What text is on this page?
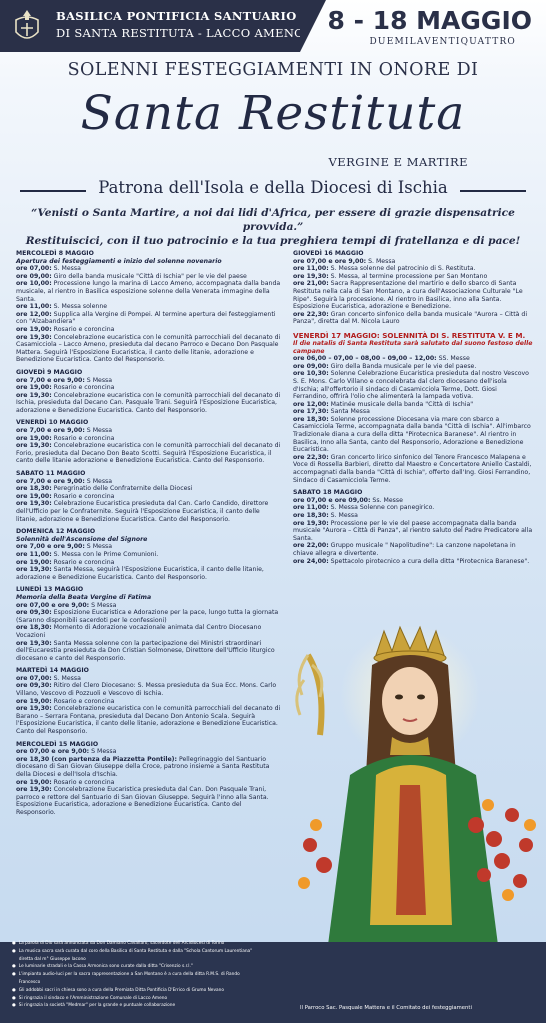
BASILICA PONTIFICIA SANTUARIO
DI SANTA RESTITUTA - LACCO AMENO 8 - 18 MAGGIO
DUEMILAVENTIQUATTRO
SOLENNI FESTEGGIAMENTI IN ONORE DI
Santa Restituta
VERGINE E MARTIRE
Patrona dell'Isola e della Diocesi di Ischia
“Venisti o Santa Martire, a noi dai lidi d'Africa, per essere di grazie dispensatrice provvida.”
Restituiscici, con il tuo patrocinio e la tua preghiera tempi di fratellanza e di pace!
MERCOLEDÌ 8 MAGGIO
Apertura dei festeggiamenti e inizio del solenne novenario
ore 07,00: S. Messa
ore 09,00: Giro della banda musicale "Città di Ischia" per le vie del paese
ore 10,00: Processione lungo la marina di Lacco Ameno, accompagnata dalla banda musicale, al rientro in Basilica esposizione solenne della Venerata immagine della Santa.
ore 11,00: S. Messa solenne
ore 12,00: Supplica alla Vergine di Pompei. Al termine apertura dei festeggiamenti con "Alzabandiera"
ore 19,00: Rosario e coroncina
ore 19,30: Concelebrazione eucaristica con le comunità parrocchiali del decanato di Casamicciola – Lacco Ameno, presieduta dal decano Parroco e Decano Don Pasquale Mattera. Seguirà l'Esposizione Eucaristica, il canto delle litanie, adorazione e Benedizione Eucaristica. Canto del Responsorio.
GIOVEDÌ 9 MAGGIO
ore 7,00 e ore 9,00: S Messa
ore 19,00: Rosario e coroncina
ore 19,30: Concelebrazione eucaristica con le comunità parrocchiali del decanato di Ischia, presieduta dal Decano Can. Pasquale Trani. Seguirà l'Esposizione Eucaristica, adorazione e Benedizione Eucaristica. Canto del Responsorio.
VENERDÌ 10 MAGGIO
ore 7,00 e ore 9,00: S Messa
ore 19,00: Rosario e coroncina
ore 19,30: Concelebrazione eucaristica con le comunità parrocchiali del decanato di Forio, presieduta dal Decano Don Beato Scotti. Seguirà l'Esposizione Eucaristica, il canto delle litanie adorazione e Benedizione Eucaristica. Canto del Responsorio.
SABATO 11 MAGGIO
ore 7,00 e ore 9,00: S Messa
ore 18,30: Peregrinatio delle Confraternite della Diocesi
ore 19,00: Rosario e coroncina
ore 19,30: Celebrazione Eucaristica presieduta dal Can. Carlo Candido, direttore dell'Ufficio per le Confraternite. Seguirà l'Esposizione Eucaristica, il canto delle litanie, adorazione e Benedizione Eucaristica. Canto del Responsorio.
DOMENICA 12 MAGGIO
Solennità dell'Ascensione del Signore
ore 7,00 e ore 9,00: S Messa
ore 11,00: S. Messa con le Prime Comunioni.
ore 19,00: Rosario e coroncina
ore 19,30: Santa Messa, seguirà l'Esposizione Eucaristica, il canto delle litanie, adorazione e Benedizione Eucaristica. Canto del Responsorio.
LUNEDÌ 13 MAGGIO
Memoria della Beata Vergine di Fatima
ore 07,00 e ore 9,00: S Messa
ore 09,30: Esposizione Eucaristica e Adorazione per la pace, lungo tutta la giornata
(Saranno disponibili sacerdoti per le confessioni)
ore 18,30: Momento di Adorazione vocazionale animata dal Centro Diocesano Vocazioni
ore 19,30: Santa Messa solenne con la partecipazione dei Ministri straordinari dell'Eucarestia presieduta da Don Cristian Solmonese, Direttore dell'Ufficio liturgico diocesano e canto del Responsorio.
MARTEDÌ 14 MAGGIO
ore 07,00: S. Messa
ore 09,30: Ritiro del Clero Diocesano: S. Messa presieduta da Sua Ecc. Mons. Carlo Villano, Vescovo di Pozzuoli e Vescovo di Ischia.
ore 19,00: Rosario e coroncina
ore 19,30: Concelebrazione eucaristica con le comunità parrocchiali del decanato di Barano – Serrara Fontana, presieduta dal Decano Don Antonio Scala. Seguirà l'Esposizione Eucaristica, il canto delle litanie, adorazione e Benedizione Eucaristica. Canto del Responsorio.
MERCOLEDÌ 15 MAGGIO
ore 07,00 e ore 9,00: S Messa
ore 18,30 (con partenza da Piazzetta Pontile): Pellegrinaggio del Santuario diocesano di San Giovan Giuseppe della Croce, patrono insieme a Santa Restituta della Diocesi e dell'Isola d'Ischia.
ore 19,00: Rosario e coroncina
ore 19,30: Concelebrazione Eucaristica presieduta dal Can. Don Pasquale Trani, parroco e rettore del Santuario di San Giovan Giuseppe. Seguirà l'inno alla Santa. Esposizione Eucaristica, adorazione e Benedizione Eucaristica. Canto del Responsorio.
GIOVEDÌ 16 MAGGIO
ore 07,00 e ore 9,00: S. Messa
ore 11,00: S. Messa solenne del patrocinio di S. Restituta.
ore 19,30: S. Messa, al termine processione per San Montano
ore 21,00: Sacra Rappresentazione del martirio e dello sbarco di Santa Restituta nella cala di San Montano, a cura dell'Associazione Culturale "Le Ripe". Seguirà la processione. Al rientro in Basilica, inno alla Santa. Esposizione Eucaristica, adorazione e Benedizione.
ore 22,30: Gran concerto sinfonico della banda musicale "Aurora – Città di Panza", diretta dal M. Nicola Lauro
VENERDÌ 17 MAGGIO: SOLENNITÀ DI S. RESTITUTA V. E M.
Il dìe natalis di Santa Restituta sarà salutato dal suono festoso delle campane
ore 06,00 – 07,00 – 08,00 – 09,00 – 12,00: SS. Messe
ore 09,00: Giro della Banda musicale per le vie del paese.
ore 10,30: Solenne Celebrazione Eucaristica presieduta dal nostro Vescovo S. E. Mons. Carlo Villano e concelebrata dal clero diocesano dell'isola d'Ischia; all'offertorio il sindaco di Casamicciola Terme, Dott. Giosi Ferrandino, offrirà l'olio che alimenterà la lampada votiva.
ore 12,00: Matinée musicale della banda "Città di Ischia"
ore 17,30: Santa Messa
ore 18,30: Solenne processione Diocesana via mare con sbarco a Casamicciola Terme, accompagnata dalla banda "Città di Ischia". All'imbarco Tradizionale diana a cura della ditta "Pirotecnica Baranese". Al rientro in Basilica, Inno alla Santa, canto del Responsorio, Adorazione e Benedizione Eucaristica.
ore 22,30: Gran concerto lirico sinfonico del Tenore Francesco Malapena e Voce di Rossella Barbieri, diretto dal Maestro e Concertatore Aniello Castaldi, accompagnati dalla banda "Città di Ischia", offerto dall'Ing. Giosi Ferrandino, Sindaco di Casamicciola Terme.
SABATO 18 MAGGIO
ore 07,00 e ore 09,00: Ss. Messe
ore 11,00: S. Messa Solenne con panegirico.
ore 18,30: S. Messa
ore 19,30: Processione per le vie del paese accompagnata dalla banda musicale "Aurora – Città di Panza", al rientro saluto del Padre Predicatore alla Santa.
ore 22,00: Gruppo musicale " Napolitudine": La canzone napoletana in chiave allegra e divertente.
ore 24,00: Spettacolo pirotecnico a cura della ditta "Pirotecnica Baranese".
● La parola di Dio sarà annunciata da Don Damiano Cavallaro, sacerdote dell'Arcidiocesi di Torino
● La musica sacra sarà curata dal coro della Basilica di Santa Restituta e dalla "Schola Cantorum Laurentiana" diretta dal m° Giuseppe Iacono
● Le luminarie stradali e la Cassa Armonica sono curate dalla ditta "Crisenzio s.r.l."
● L'impianto audio-luci per la sacra rappresentazione a San Montano è a cura della ditta R.M.S. di Rando Francesco
● Gli addobbi sacri in chiesa sono a cura della Premiata Ditta Pontificia D'Errico di Grumo Nevano
● Si ringrazia il sindaco e l'Amministrazione Comunale di Lacco Ameno
● Si ringrazia la società "Medmar" per la grande e puntuale collaborazione	Il Parroco Sac. Pasquale Mattera e il Comitato dei festeggiamenti
